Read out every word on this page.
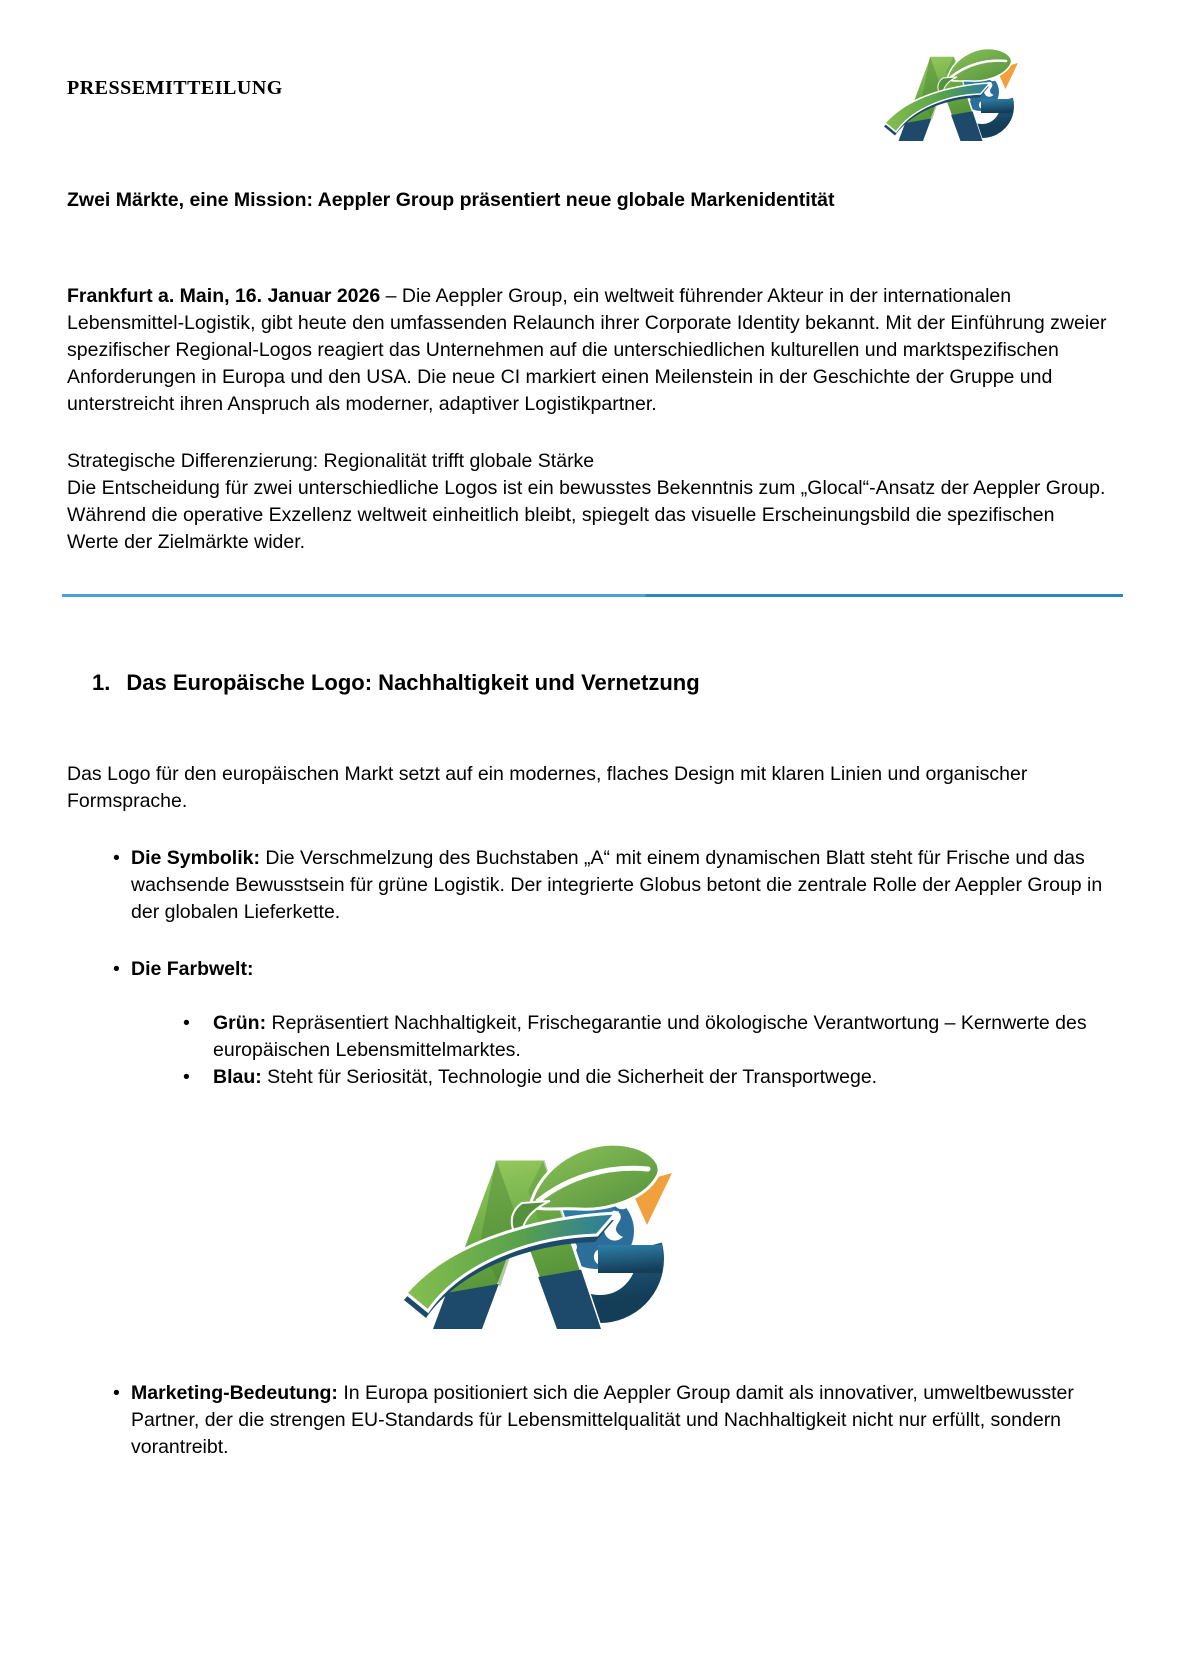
PRESSEMITTEILUNG
Zwei Märkte, eine Mission: Aeppler Group präsentiert neue globale Markenidentität

Frankfurt a. Main, 16. Januar 2026 – Die Aeppler Group, ein weltweit führender Akteur in der internationalen Lebensmittel-Logistik, gibt heute den umfassenden Relaunch ihrer Corporate Identity bekannt. Mit der Einführung zweier spezifischer Regional-Logos reagiert das Unternehmen auf die unterschiedlichen kulturellen und marktspezifischen Anforderungen in Europa und den USA. Die neue CI markiert einen Meilenstein in der Geschichte der Gruppe und unterstreicht ihren Anspruch als moderner, adaptiver Logistikpartner.

Strategische Differenzierung: Regionalität trifft globale Stärke
Die Entscheidung für zwei unterschiedliche Logos ist ein bewusstes Bekenntnis zum „Glocal“-Ansatz der Aeppler Group. Während die operative Exzellenz weltweit einheitlich bleibt, spiegelt das visuelle Erscheinungsbild die spezifischen Werte der Zielmärkte wider.

1. Das Europäische Logo: Nachhaltigkeit und Vernetzung

Das Logo für den europäischen Markt setzt auf ein modernes, flaches Design mit klaren Linien und organischer Formsprache.

• Die Symbolik: Die Verschmelzung des Buchstaben „A“ mit einem dynamischen Blatt steht für Frische und das wachsende Bewusstsein für grüne Logistik. Der integrierte Globus betont die zentrale Rolle der Aeppler Group in der globalen Lieferkette.
• Die Farbwelt:
• Grün: Repräsentiert Nachhaltigkeit, Frischegarantie und ökologische Verantwortung – Kernwerte des europäischen Lebensmittelmarktes.
• Blau: Steht für Seriosität, Technologie und die Sicherheit der Transportwege.
• Marketing-Bedeutung: In Europa positioniert sich die Aeppler Group damit als innovativer, umweltbewusster Partner, der die strengen EU-Standards für Lebensmittelqualität und Nachhaltigkeit nicht nur erfüllt, sondern vorantreibt.
